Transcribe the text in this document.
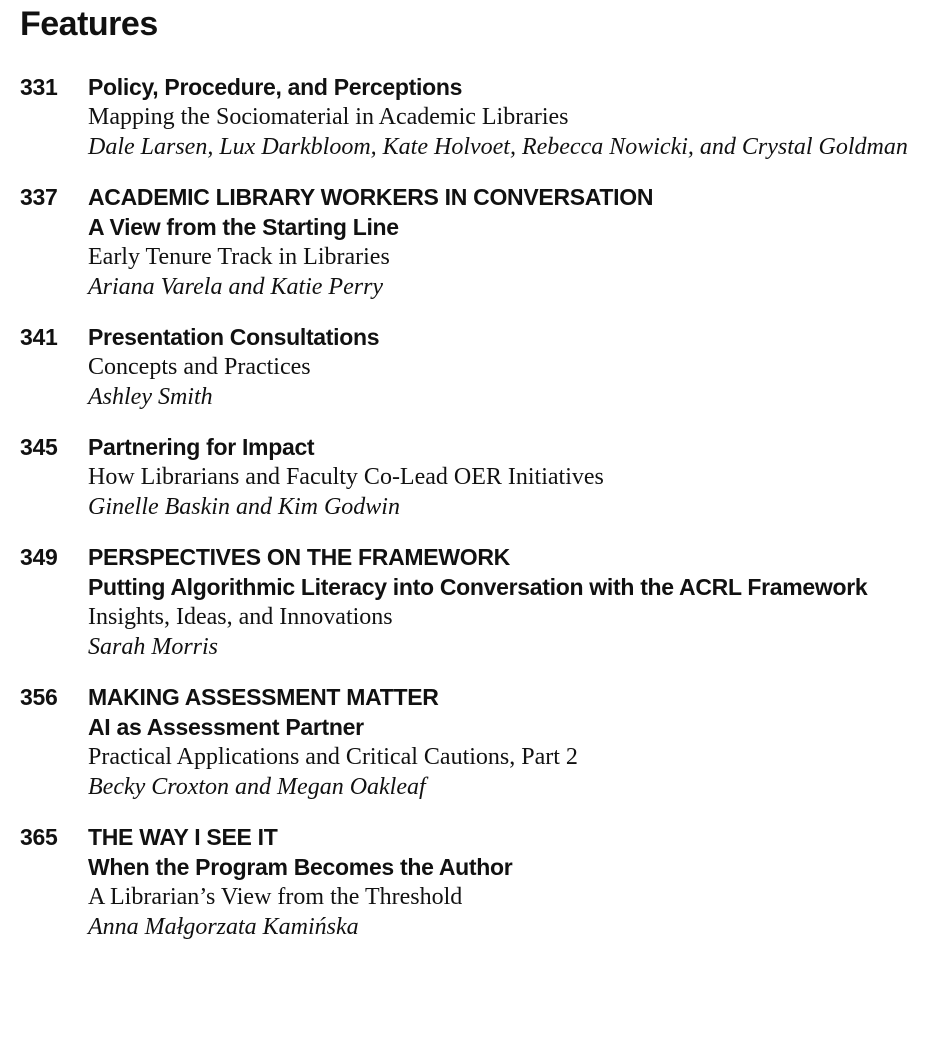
Features
331	Policy, Procedure, and Perceptions
Mapping the Sociomaterial in Academic Libraries
Dale Larsen, Lux Darkbloom, Kate Holvoet, Rebecca Nowicki, and Crystal Goldman
337	ACADEMIC LIBRARY WORKERS IN CONVERSATION
A View from the Starting Line
Early Tenure Track in Libraries
Ariana Varela and Katie Perry
341	Presentation Consultations
Concepts and Practices
Ashley Smith
345	Partnering for Impact
How Librarians and Faculty Co-Lead OER Initiatives
Ginelle Baskin and Kim Godwin
349	PERSPECTIVES ON THE FRAMEWORK
Putting Algorithmic Literacy into Conversation with the ACRL Framework
Insights, Ideas, and Innovations
Sarah Morris
356	MAKING ASSESSMENT MATTER
AI as Assessment Partner
Practical Applications and Critical Cautions, Part 2
Becky Croxton and Megan Oakleaf
365	THE WAY I SEE IT
When the Program Becomes the Author
A Librarian’s View from the Threshold
Anna Małgorzata Kamińska
